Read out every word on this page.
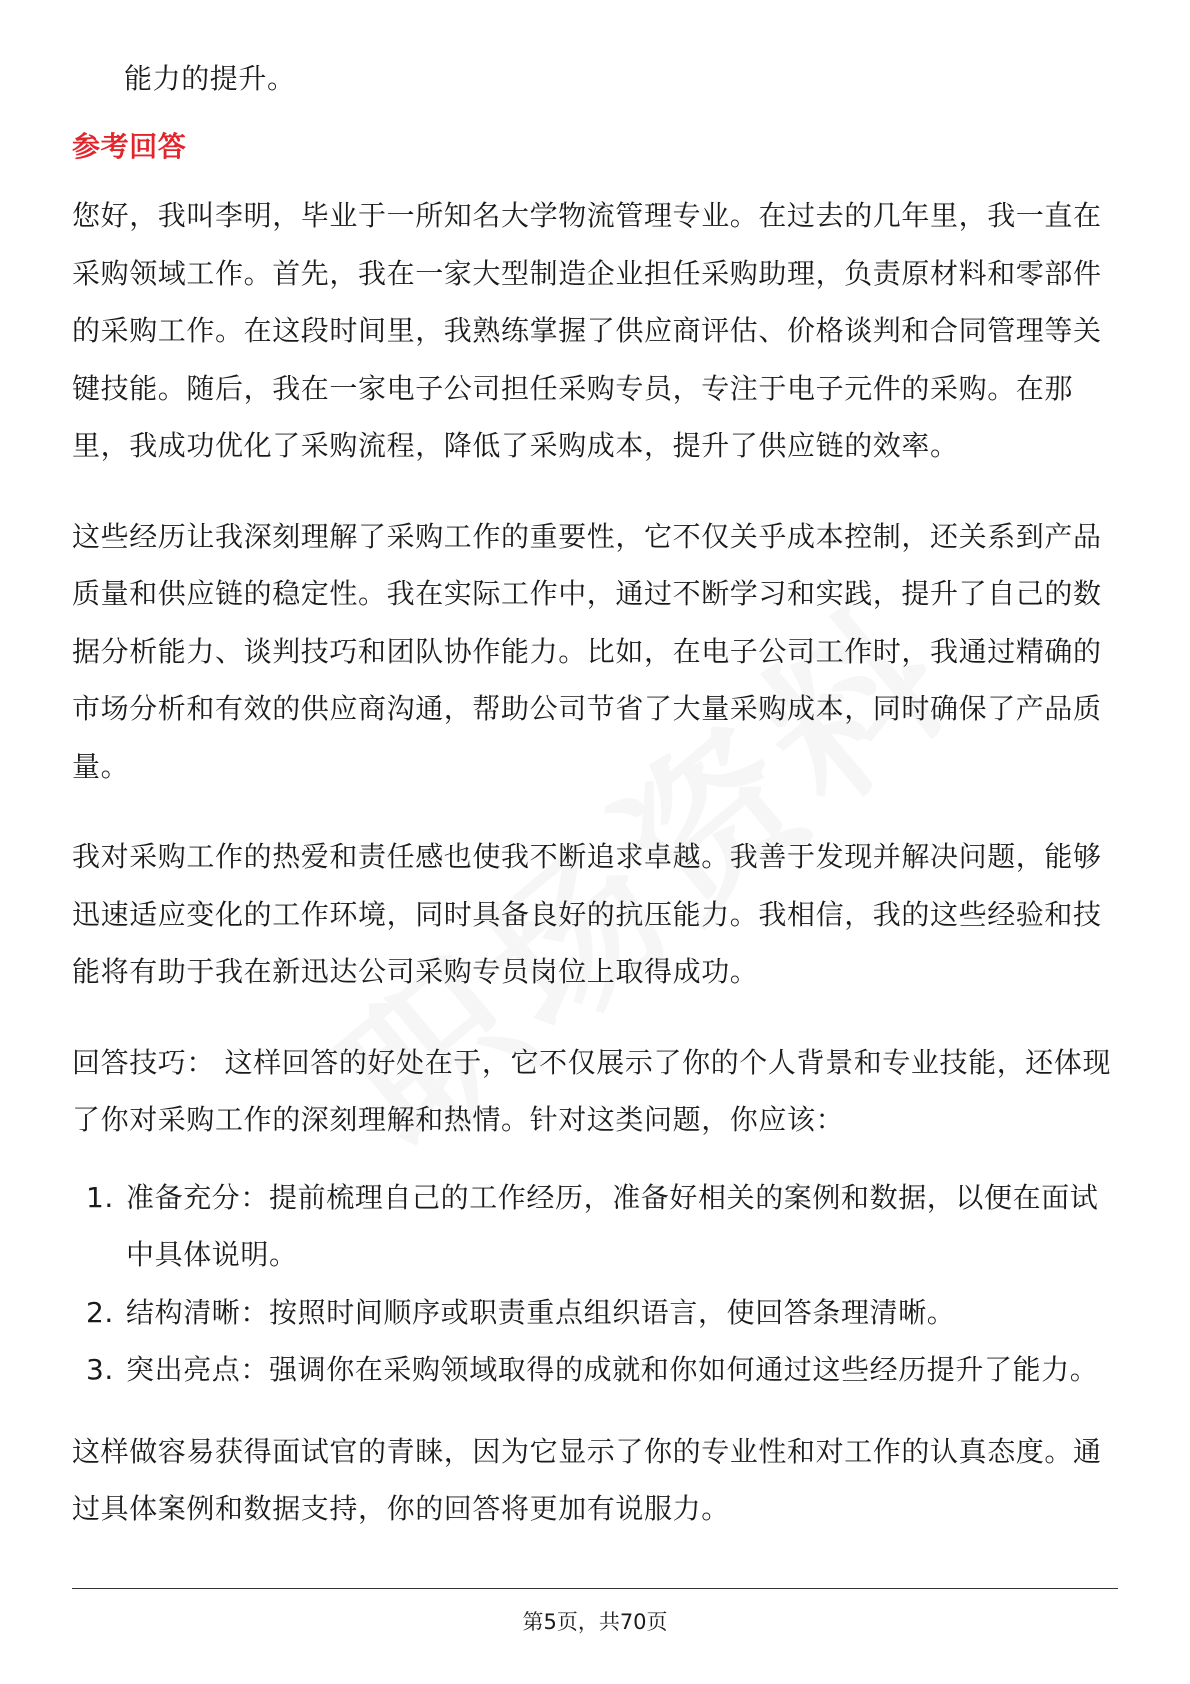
能力的提升。

参考回答

您好，我叫李明，毕业于一所知名大学物流管理专业。在过去的几年里，我一直在采购领域工作。首先，我在一家大型制造企业担任采购助理，负责原材料和零部件的采购工作。在这段时间里，我熟练掌握了供应商评估、价格谈判和合同管理等关键技能。随后，我在一家电子公司担任采购专员，专注于电子元件的采购。在那里，我成功优化了采购流程，降低了采购成本，提升了供应链的效率。

这些经历让我深刻理解了采购工作的重要性，它不仅关乎成本控制，还关系到产品质量和供应链的稳定性。我在实际工作中，通过不断学习和实践，提升了自己的数据分析能力、谈判技巧和团队协作能力。比如，在电子公司工作时，我通过精确的市场分析和有效的供应商沟通，帮助公司节省了大量采购成本，同时确保了产品质量。

我对采购工作的热爱和责任感也使我不断追求卓越。我善于发现并解决问题，能够迅速适应变化的工作环境，同时具备良好的抗压能力。我相信，我的这些经验和技能将有助于我在新迅达公司采购专员岗位上取得成功。

回答技巧： 这样回答的好处在于，它不仅展示了你的个人背景和专业技能，还体现了你对采购工作的深刻理解和热情。针对这类问题，你应该：

1. 准备充分：提前梳理自己的工作经历，准备好相关的案例和数据，以便在面试中具体说明。
2. 结构清晰：按照时间顺序或职责重点组织语言，使回答条理清晰。
3. 突出亮点：强调你在采购领域取得的成就和你如何通过这些经历提升了能力。

这样做容易获得面试官的青睐，因为它显示了你的专业性和对工作的认真态度。通过具体案例和数据支持，你的回答将更加有说服力。

第5页，共70页
